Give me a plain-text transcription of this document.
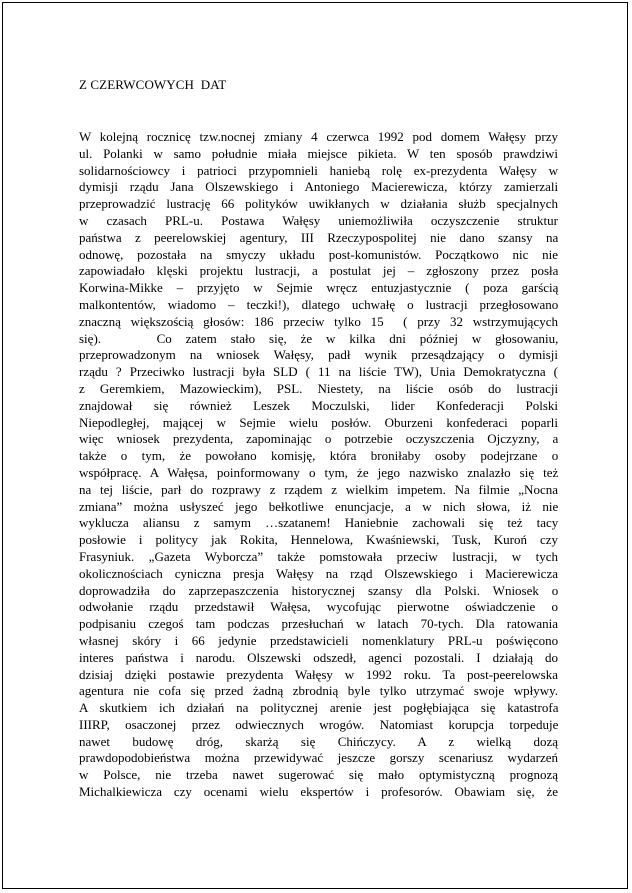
Z CZERWCOWYCH  DAT
W kolejną rocznicę tzw.nocnej zmiany 4 czerwca 1992 pod domem Wałęsy przy
ul. Polanki w samo południe miała miejsce pikieta. W ten sposób prawdziwi
solidarnościowcy i patrioci przypomnieli haniebą rolę ex-prezydenta Wałęsy w
dymisji rządu Jana Olszewskiego i Antoniego Macierewicza, którzy zamierzali
przeprowadzić lustrację 66 polityków uwikłanych w działania służb specjalnych
w czasach PRL-u. Postawa Wałęsy uniemożliwiła oczyszczenie struktur
państwa z peerelowskiej agentury, III Rzeczypospolitej nie dano szansy na
odnowę, pozostała na smyczy układu post-komunistów. Początkowo nic nie
zapowiadało klęski projektu lustracji, a postulat jej – zgłoszony przez posła
Korwina-Mikke – przyjęto w Sejmie wręcz entuzjastycznie ( poza garścią
malkontentów, wiadomo – teczki!), dlatego uchwałę o lustracji przegłosowano
znaczną większością głosów: 186 przeciw tylko 15  ( przy 32 wstrzymujących
się).    Co zatem stało się, że w kilka dni później w głosowaniu,
przeprowadzonym na wniosek Wałęsy, padł wynik przesądzający o dymisji
rządu ? Przeciwko lustracji była SLD ( 11 na liście TW), Unia Demokratyczna (
z Geremkiem, Mazowieckim), PSL. Niestety, na liście osób do lustracji
znajdował się również Leszek Moczulski, lider Konfederacji Polski
Niepodległej, mającej w Sejmie wielu posłów. Oburzeni konfederaci poparli
więc wniosek prezydenta, zapominając o potrzebie oczyszczenia Ojczyzny, a
także o tym, że powołano komisję, która broniłaby osoby podejrzane o
współpracę. A Wałęsa, poinformowany o tym, że jego nazwisko znalazło się też
na tej liście, parł do rozprawy z rządem z wielkim impetem. Na filmie „Nocna
zmiana” można usłyszeć jego bełkotliwe enuncjacje, a w nich słowa, iż nie
wyklucza aliansu z samym …szatanem! Haniebnie zachowali się też tacy
posłowie i politycy jak Rokita, Hennelowa, Kwaśniewski, Tusk, Kuroń czy
Frasyniuk. „Gazeta Wyborcza” także pomstowała przeciw lustracji, w tych
okolicznościach cyniczna presja Wałęsy na rząd Olszewskiego i Macierewicza
doprowadziła do zaprzepaszczenia historycznej szansy dla Polski. Wniosek o
odwołanie rządu przedstawił Wałęsa, wycofując pierwotne oświadczenie o
podpisaniu czegoś tam podczas przesłuchań w latach 70-tych. Dla ratowania
własnej skóry i 66 jedynie przedstawicieli nomenklatury PRL-u poświęcono
interes państwa i narodu. Olszewski odszedł, agenci pozostali. I działają do
dzisiaj dzięki postawie prezydenta Wałęsy w 1992 roku. Ta post-peerelowska
agentura nie cofa się przed żadną zbrodnią byle tylko utrzymać swoje wpływy.
A skutkiem ich działań na politycznej arenie jest pogłębiająca się katastrofa
IIIRP, osaczonej przez odwiecznych wrogów. Natomiast korupcja torpeduje
nawet budowę dróg, skarżą się Chińczycy. A z wielką dozą
prawdopodobieństwa można przewidywać jeszcze gorszy scenariusz wydarzeń
w Polsce, nie trzeba nawet sugerować się mało optymistyczną prognozą
Michalkiewicza czy ocenami wielu ekspertów i profesorów. Obawiam się, że
